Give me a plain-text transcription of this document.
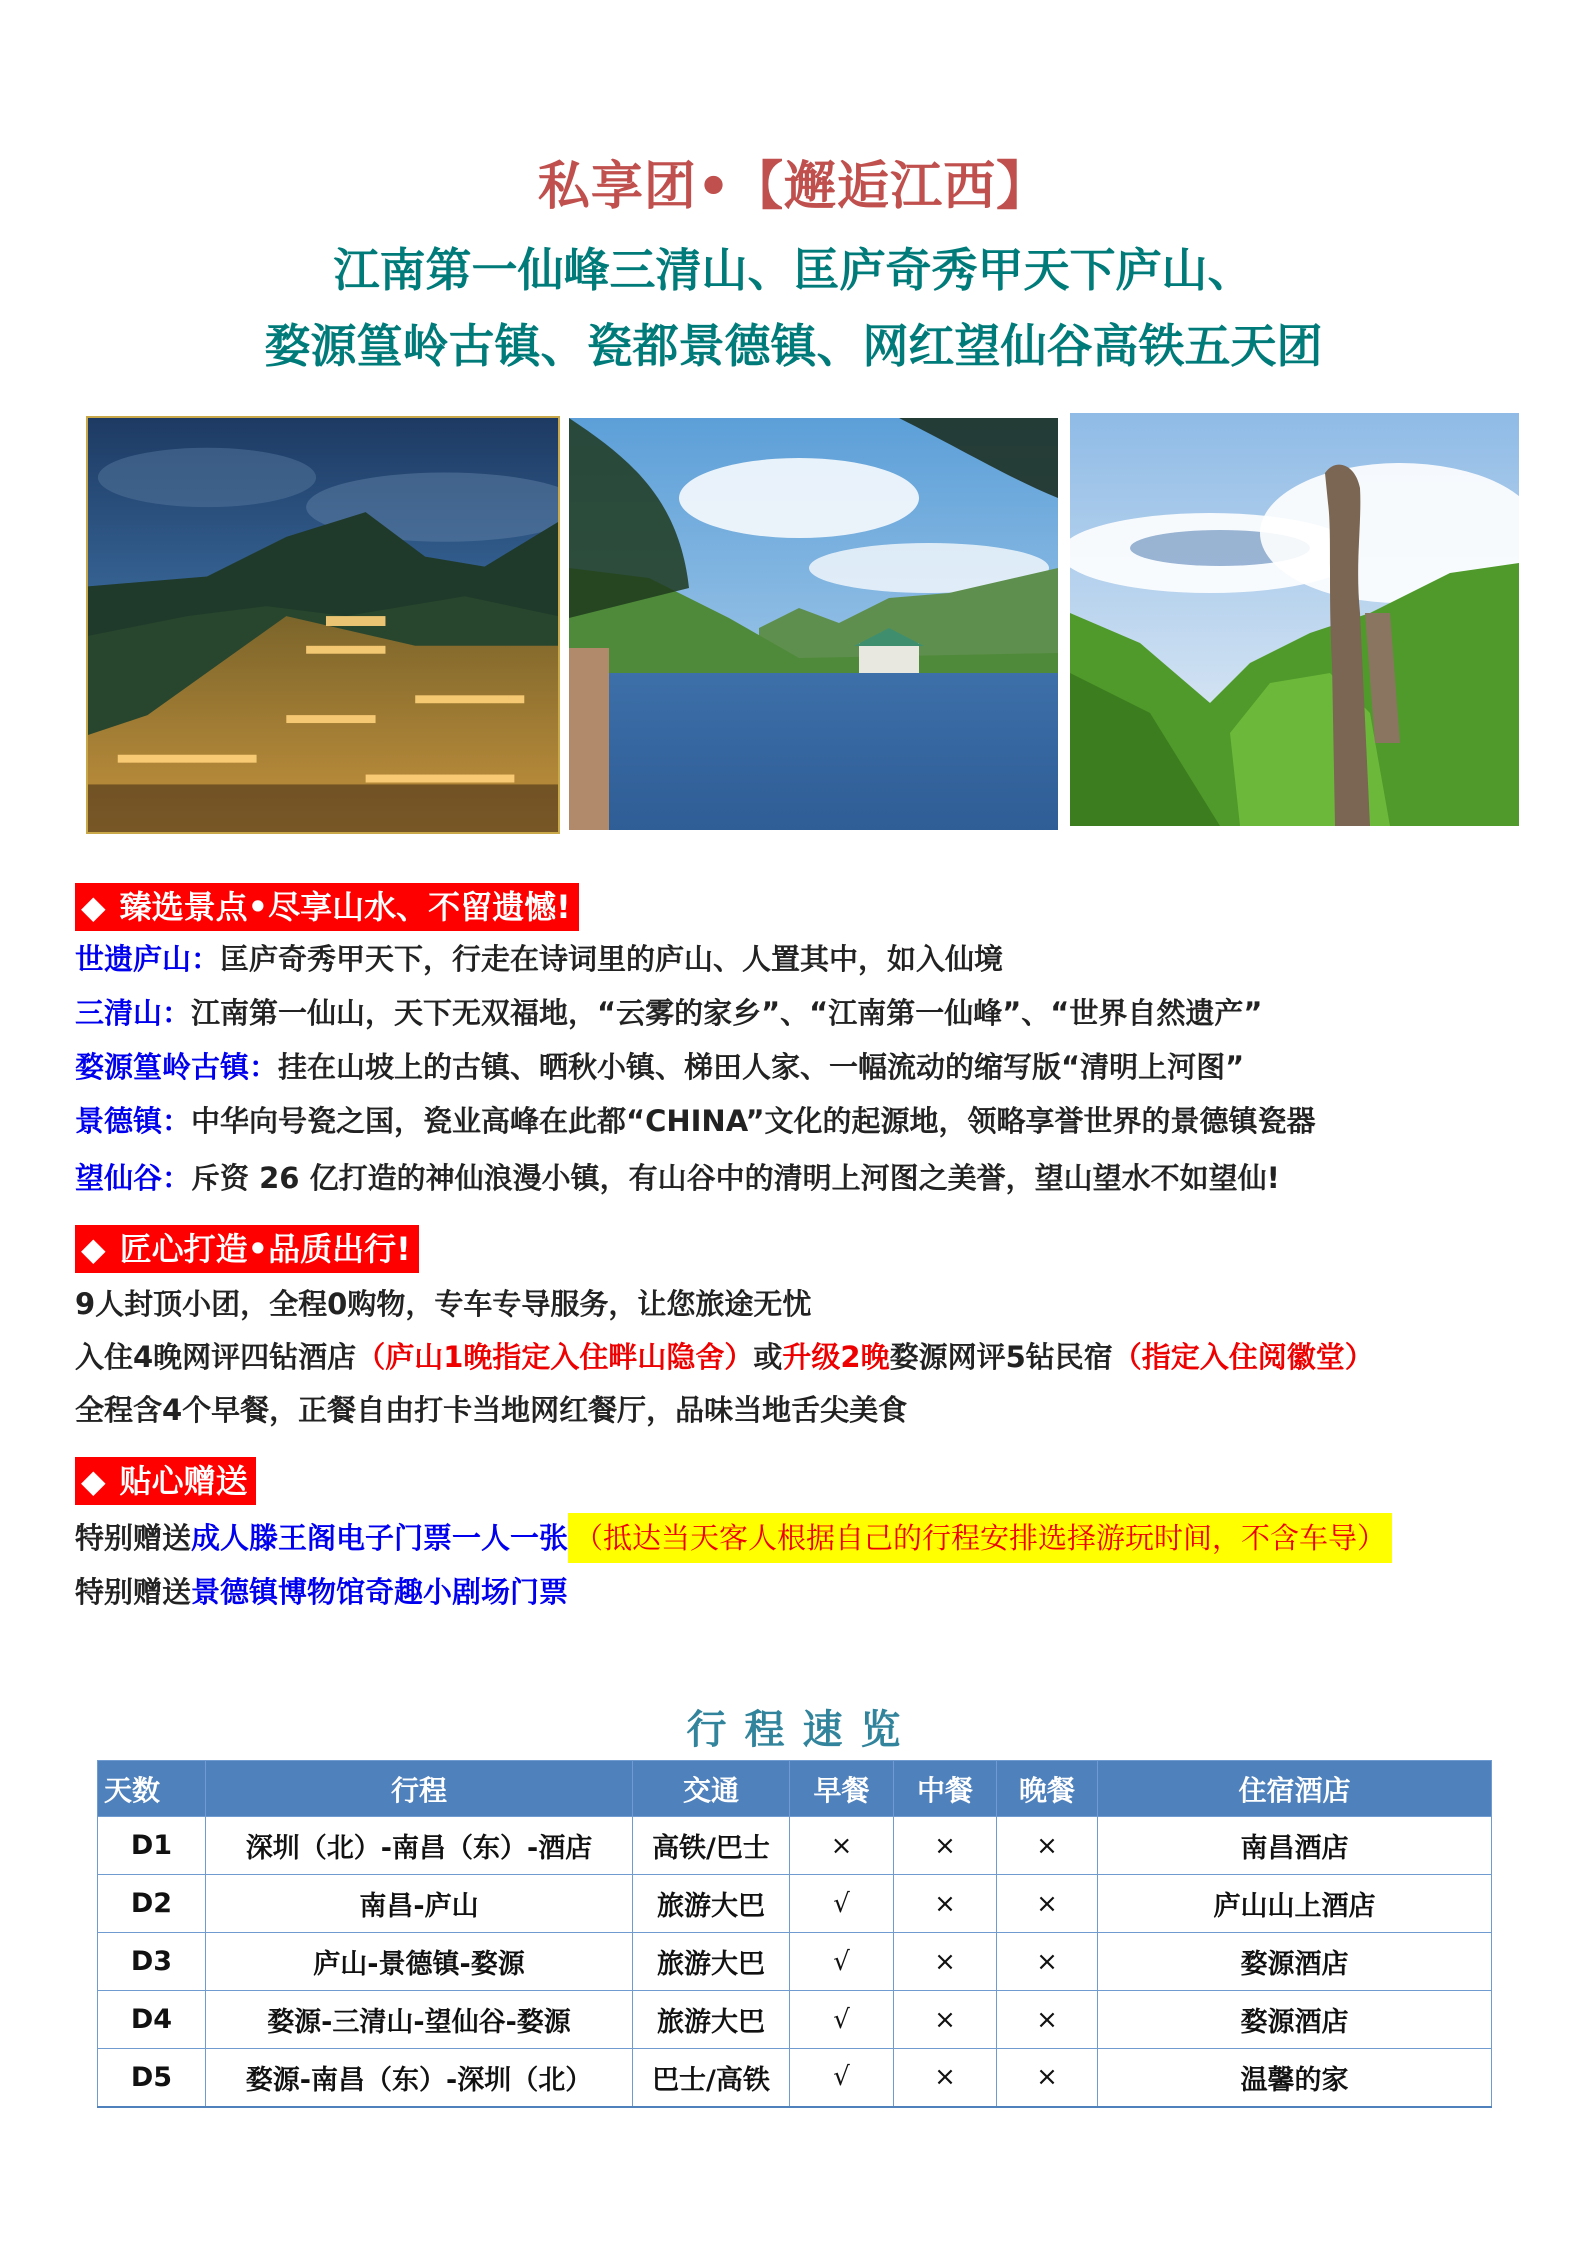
私享团•【邂逅江西】
江南第一仙峰三清山、匡庐奇秀甲天下庐山、
婺源篁岭古镇、瓷都景德镇、网红望仙谷高铁五天团
◆ 臻选景点•尽享山水、不留遗憾!
世遗庐山：匡庐奇秀甲天下，行走在诗词里的庐山、人置其中，如入仙境
三清山：江南第一仙山，天下无双福地，“云雾的家乡”、“江南第一仙峰”、“世界自然遗产”
婺源篁岭古镇：挂在山坡上的古镇、晒秋小镇、梯田人家、一幅流动的缩写版“清明上河图”
景德镇：中华向号瓷之国，瓷业高峰在此都“CHINA”文化的起源地，领略享誉世界的景德镇瓷器
望仙谷：斥资 26 亿打造的神仙浪漫小镇，有山谷中的清明上河图之美誉，望山望水不如望仙!
◆ 匠心打造•品质出行!
9人封顶小团，全程0购物，专车专导服务，让您旅途无忧
入住4晚网评四钻酒店（庐山1晚指定入住畔山隐舍）或升级2晚婺源网评5钻民宿（指定入住阅徽堂）
全程含4个早餐，正餐自由打卡当地网红餐厅，品味当地舌尖美食
◆ 贴心赠送
特别赠送成人滕王阁电子门票一人一张 （抵达当天客人根据自己的行程安排选择游玩时间，不含车导）
特别赠送景德镇博物馆奇趣小剧场门票
行程速览
天数	行程	交通	早餐	中餐	晚餐	住宿酒店
D1	深圳（北）-南昌（东）-酒店	高铁/巴士	×	×	×	南昌酒店
D2	南昌-庐山	旅游大巴	√	×	×	庐山山上酒店
D3	庐山-景德镇-婺源	旅游大巴	√	×	×	婺源酒店
D4	婺源-三清山-望仙谷-婺源	旅游大巴	√	×	×	婺源酒店
D5	婺源-南昌（东）-深圳（北）	巴士/高铁	√	×	×	温馨的家
